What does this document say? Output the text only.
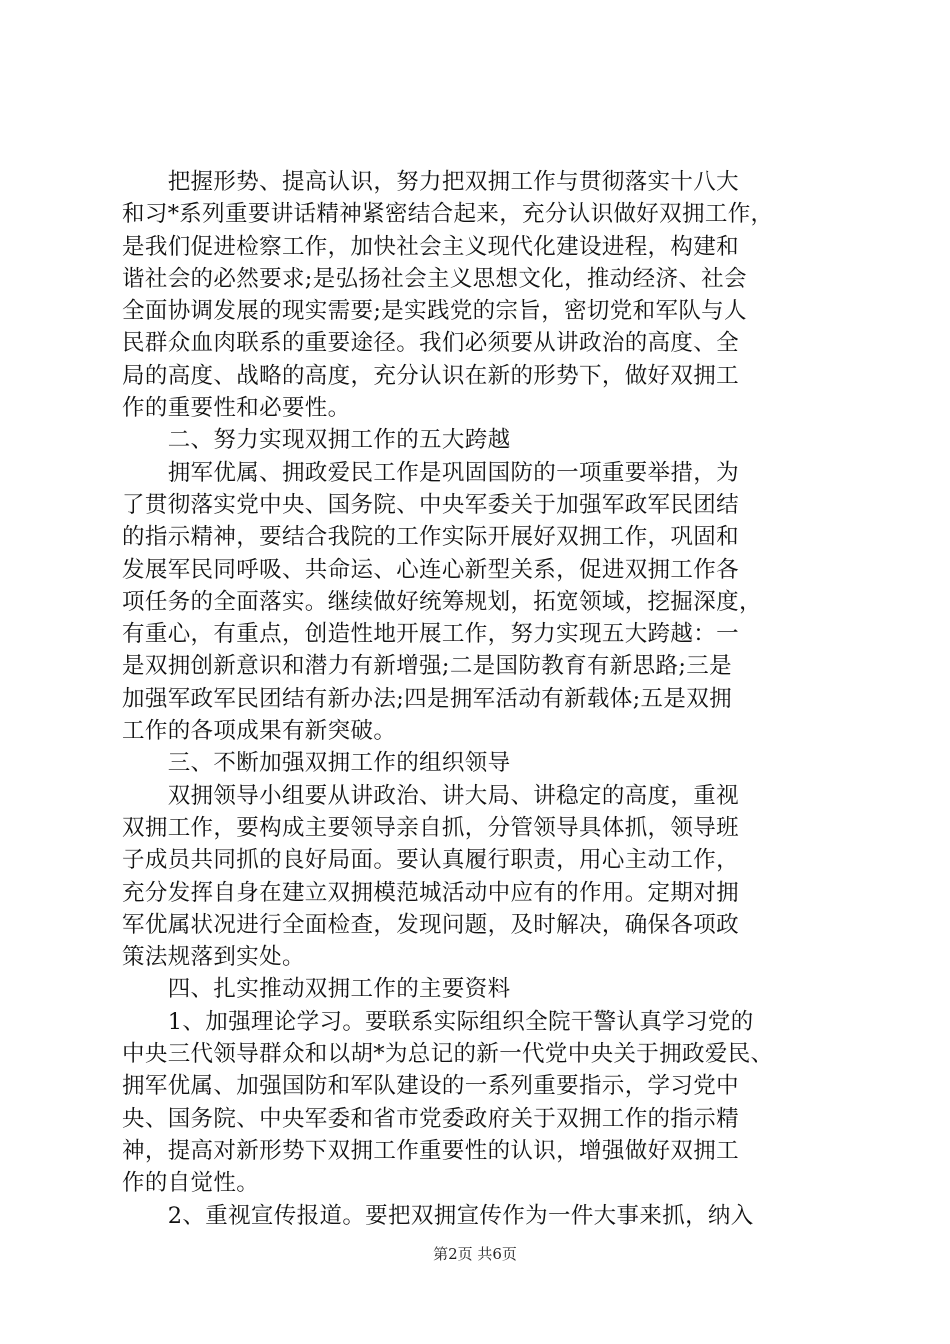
　　把握形势、提高认识，努力把双拥工作与贯彻落实十八大
和习*系列重要讲话精神紧密结合起来，充分认识做好双拥工作，
是我们促进检察工作，加快社会主义现代化建设进程，构建和
谐社会的必然要求;是弘扬社会主义思想文化，推动经济、社会
全面协调发展的现实需要;是实践党的宗旨，密切党和军队与人
民群众血肉联系的重要途径。我们必须要从讲政治的高度、全
局的高度、战略的高度，充分认识在新的形势下，做好双拥工
作的重要性和必要性。
　　二、努力实现双拥工作的五大跨越
　　拥军优属、拥政爱民工作是巩固国防的一项重要举措，为
了贯彻落实党中央、国务院、中央军委关于加强军政军民团结
的指示精神，要结合我院的工作实际开展好双拥工作，巩固和
发展军民同呼吸、共命运、心连心新型关系，促进双拥工作各
项任务的全面落实。继续做好统筹规划，拓宽领域，挖掘深度，
有重心，有重点，创造性地开展工作，努力实现五大跨越：一
是双拥创新意识和潜力有新增强;二是国防教育有新思路;三是
加强军政军民团结有新办法;四是拥军活动有新载体;五是双拥
工作的各项成果有新突破。
　　三、不断加强双拥工作的组织领导
　　双拥领导小组要从讲政治、讲大局、讲稳定的高度，重视
双拥工作，要构成主要领导亲自抓，分管领导具体抓，领导班
子成员共同抓的良好局面。要认真履行职责，用心主动工作，
充分发挥自身在建立双拥模范城活动中应有的作用。定期对拥
军优属状况进行全面检查，发现问题，及时解决，确保各项政
策法规落到实处。
　　四、扎实推动双拥工作的主要资料
　　1、加强理论学习。要联系实际组织全院干警认真学习党的
中央三代领导群众和以胡*为总记的新一代党中央关于拥政爱民、
拥军优属、加强国防和军队建设的一系列重要指示，学习党中
央、国务院、中央军委和省市党委政府关于双拥工作的指示精
神，提高对新形势下双拥工作重要性的认识，增强做好双拥工
作的自觉性。
　　2、重视宣传报道。要把双拥宣传作为一件大事来抓，纳入
第2页 共6页
